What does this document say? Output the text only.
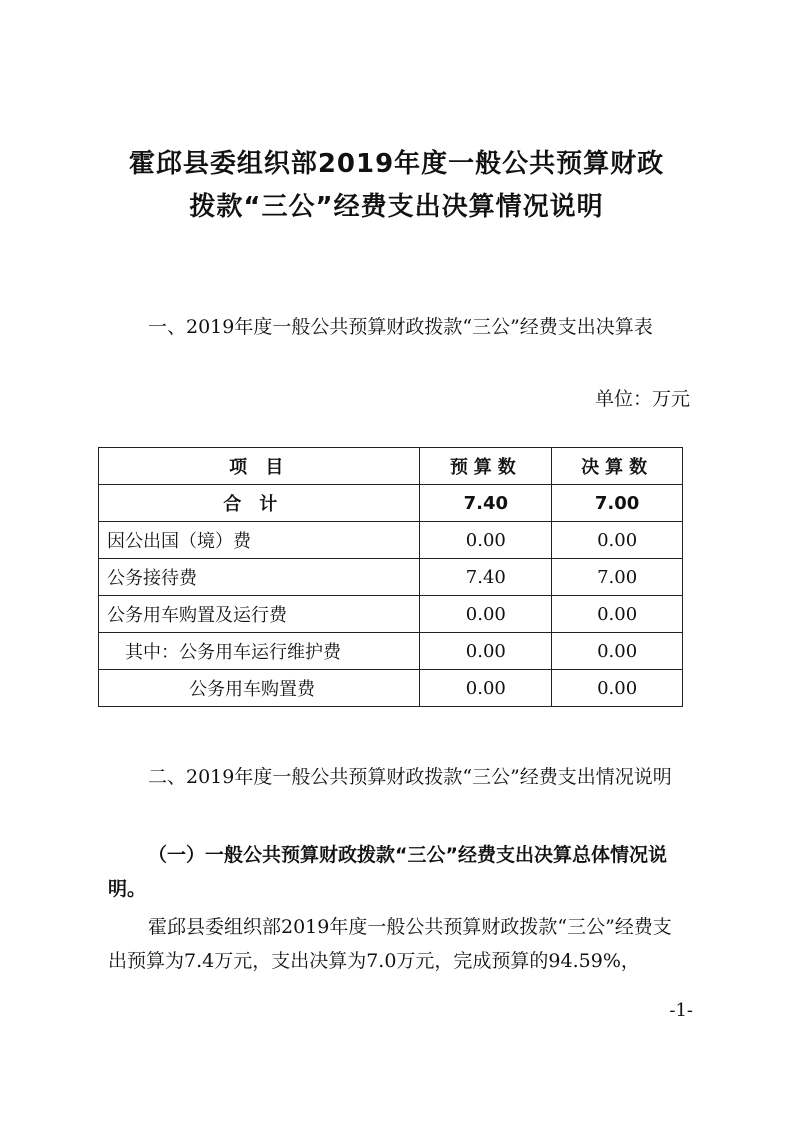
霍邱县委组织部2019年度一般公共预算财政
拨款“三公”经费支出决算情况说明
一、2019年度一般公共预算财政拨款“三公”经费支出决算表
单位：万元
项 目	预算数	决算数
合计	7.40	7.00
因公出国（境）费	0.00	0.00
公务接待费	7.40	7.00
公务用车购置及运行费	0.00	0.00
其中：公务用车运行维护费	0.00	0.00
公务用车购置费	0.00	0.00
二、2019年度一般公共预算财政拨款“三公”经费支出情况说明
（一）一般公共预算财政拨款“三公”经费支出决算总体情况说明。
霍邱县委组织部2019年度一般公共预算财政拨款“三公”经费支出预算为7.4万元，支出决算为7.0万元，完成预算的94.59%，
-1-
